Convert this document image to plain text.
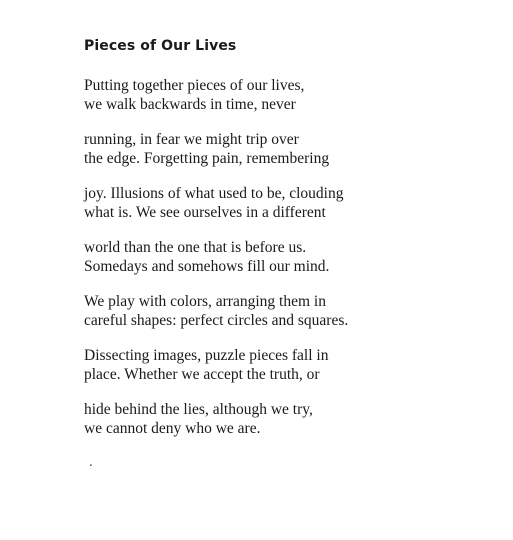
Pieces of Our Lives
Putting together pieces of our lives,
we walk backwards in time, never
running, in fear we might trip over
the edge. Forgetting pain, remembering
joy. Illusions of what used to be, clouding
what is. We see ourselves in a different
world than the one that is before us.
Somedays and somehows fill our mind.
We play with colors, arranging them in
careful shapes: perfect circles and squares.
Dissecting images, puzzle pieces fall in
place. Whether we accept the truth, or
hide behind the lies, although we try,
we cannot deny who we are.
.
